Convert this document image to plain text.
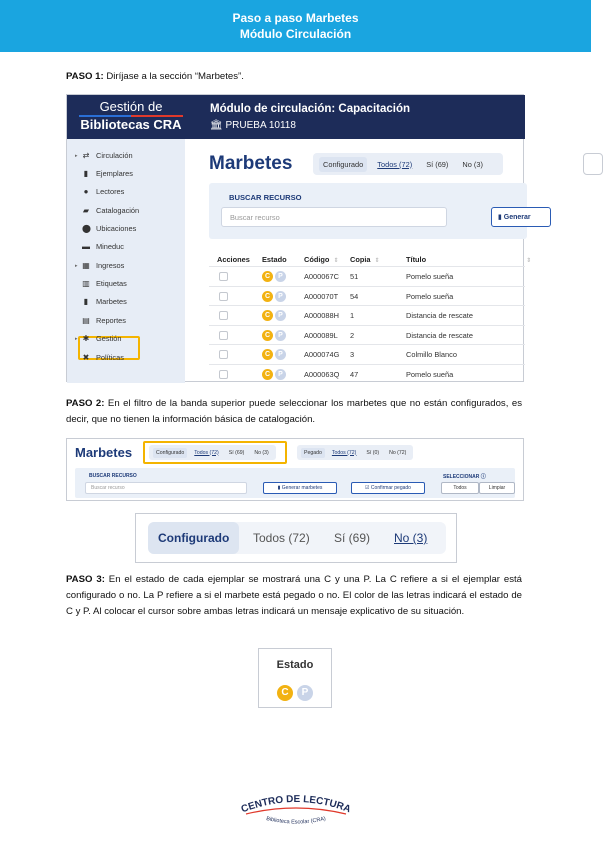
Paso a paso Marbetes
Módulo Circulación
PASO 1: Diríjase a la sección “Marbetes”.
Gestión de
Bibliotecas CRA
Módulo de circulación: Capacitación
🏛︎ PRUEBA 10118
▸ ⇄ Circulación
▮ Ejemplares
● Lectores
▰ Catalogación
⬤ Ubicaciones
▬ Mineduc
▸ ▦ Ingresos
▥ Etiquetas
▮ Marbetes
▤ Reportes
▸ ✱ Gestión
✖ Políticas
Marbetes	Configurado	Todos (72)	Sí (69)	No (3)
BUSCAR RECURSO
Buscar recurso	▮ Generar
Acciones Estado Código ⇕ Copia ⇕	Título	⇕
C	P	A000067C 51	Pomelo sueña
C	P	A000070T 54	Pomelo sueña
C	P	A000088H 1	Distancia de rescate
C	P	A000089L 2	Distancia de rescate
C	P	A000074G 3	Colmillo Blanco
C	P	A000063Q 47	Pomelo sueña
PASO 2: En el filtro de la banda superior puede seleccionar los marbetes que no están configurados, es decir, que no tienen la información básica de catalogación.
Marbetes	Configurado	Todos (72)	Sí (69)	No (3)	Pegado	Todos (72)	Sí (0)	No (72)
BUSCAR RECURSO
Buscar recurso	▮ Generar marbetes	☑ Confirmar pegado
SELECCIONAR ⓘ
Todos	Limpiar
Configurado	Todos (72) Sí (69) No (3)
PASO 3: En el estado de cada ejemplar se mostrará una C y una P. La C refiere a si el ejemplar está configurado o no. La P refiere a si el marbete está pegado o no. El color de las letras indicará el estado de C y P. Al colocar el cursor sobre ambas letras indicará un mensaje explicativo de su situación.
Estado
C	P
CENTRO DE LECTURA
Biblioteca Escolar (CRA)
